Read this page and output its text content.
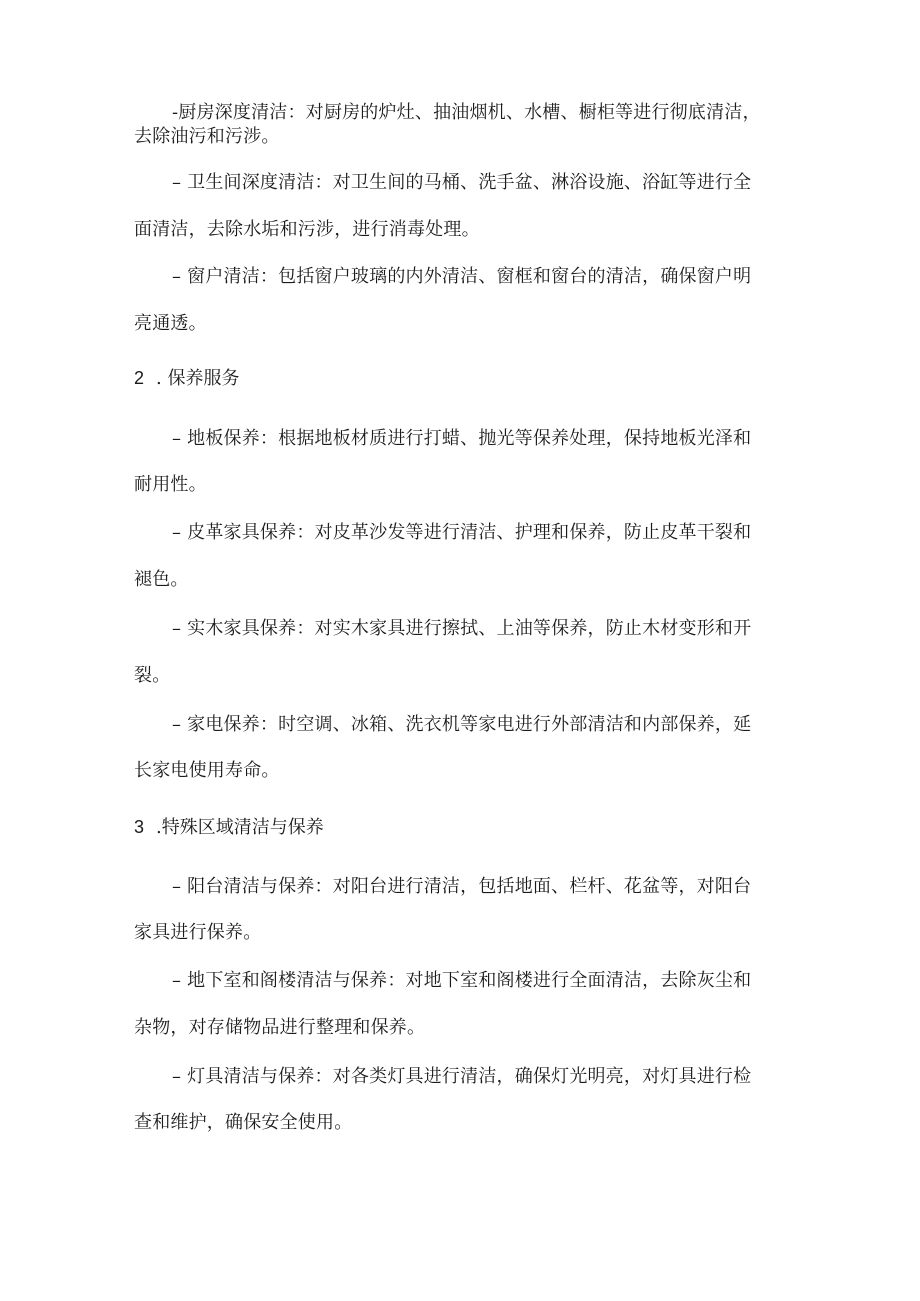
-厨房深度清洁：对厨房的炉灶、抽油烟机、水槽、橱柜等进行彻底清洁，
去除油污和污涉。
– 卫生间深度清洁：对卫生间的马桶、洗手盆、淋浴设施、浴缸等进行全
面清洁，去除水垢和污涉，进行消毒处理。
– 窗户清洁：包括窗户玻璃的内外清洁、窗框和窗台的清洁，确保窗户明
亮通透。
2 . 保养服务
– 地板保养：根据地板材质进行打蜡、抛光等保养处理，保持地板光泽和
耐用性。
– 皮革家具保养：对皮革沙发等进行清洁、护理和保养，防止皮革干裂和
褪色。
– 实木家具保养：对实木家具进行擦拭、上油等保养，防止木材变形和开
裂。
– 家电保养：时空调、冰箱、洗衣机等家电进行外部清洁和内部保养，延
长家电使用寿命。
3 .特殊区域清洁与保养
– 阳台清洁与保养：对阳台进行清洁，包括地面、栏杆、花盆等，对阳台
家具进行保养。
– 地下室和阁楼清洁与保养：对地下室和阁楼进行全面清洁，去除灰尘和
杂物，对存储物品进行整理和保养。
– 灯具清洁与保养：对各类灯具进行清洁，确保灯光明亮，对灯具进行检
查和维护，确保安全使用。
